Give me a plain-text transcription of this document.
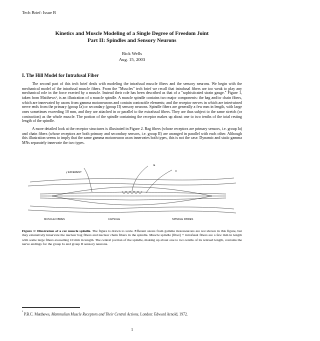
Tech Brief: Issue B
Kinetics and Muscle Modeling of a Single Degree of Freedom Joint
Part II: Spindles and Sensory Neurons
Rick Wells
Aug. 15, 2003
I. The Hill Model for Intrafusal Fiber

The second part of this tech brief deals with modeling the intrafusal muscle fibers and the sensory neurons. We begin with the mechanical model of the intrafusal muscle fibers. From the "Muscles" tech brief we recall that intrafusal fibers are too weak to play any mechanical role in the force exerted by a muscle. Instead their role has been described as that of a "sophisticated strain gauge." Figure 1, taken from Matthews¹, is an illustration of a muscle spindle. A muscle spindle contains two major components: the bag and/or chain fibers, which are innervated by axons from gamma motoneurons and contain contractile elements; and the receptor nerves in which are intertwined nerve ends from the primary (group Ia) or secondary (group II) sensory neurons. Spindle fibers are generally a few mm in length, with large ones sometimes exceeding 10 mm, and they are attached in or parallel to the extrafusal fibers. They are thus subject to the same stretch (or contraction) as the whole muscle. The portion of the spindle containing the receptor makes up about one to two tenths of the total resting length of the spindle.

A more detailed look at the receptor structures is illustrated in Figure 2. Bag fibers (whose receptors are primary sensors, i.e. group Ia) and chain fibers (whose receptors are both primary and secondary sensors, i.e. group II) are arranged in parallel with each other. Although this illustration seems to imply that the same gamma motoneuron axon innervates both types, this is not the case. Dynamic and static gamma MNs separately innervate the two types.

γ EFFERENT
Ia
II
MUSCLE FIBRES	CAPSULE	SPINDLE FIBRES

Figure 1: Illustration of a cat muscle spindle. The figure is drawn to scale. Efferent axons from gamma motoneurons are not shown in this figure, but they extensively innervate the nuclear bag fibers and nuclear chain fibers in the spindle. Muscle spindle (fiber) + intrafusal fibers are a few mm in length with some large fibers exceeding 10 mm in length. The central portion of the spindle, making up about one to two tenths of its relaxed length, contains the nerve endings for the group Ia and group II sensory neurons.

$^{^1}$ P.B.C. Matthews, Mammalian Muscle Receptors and Their Central Actions, London: Edward Arnold, 1972.

1
